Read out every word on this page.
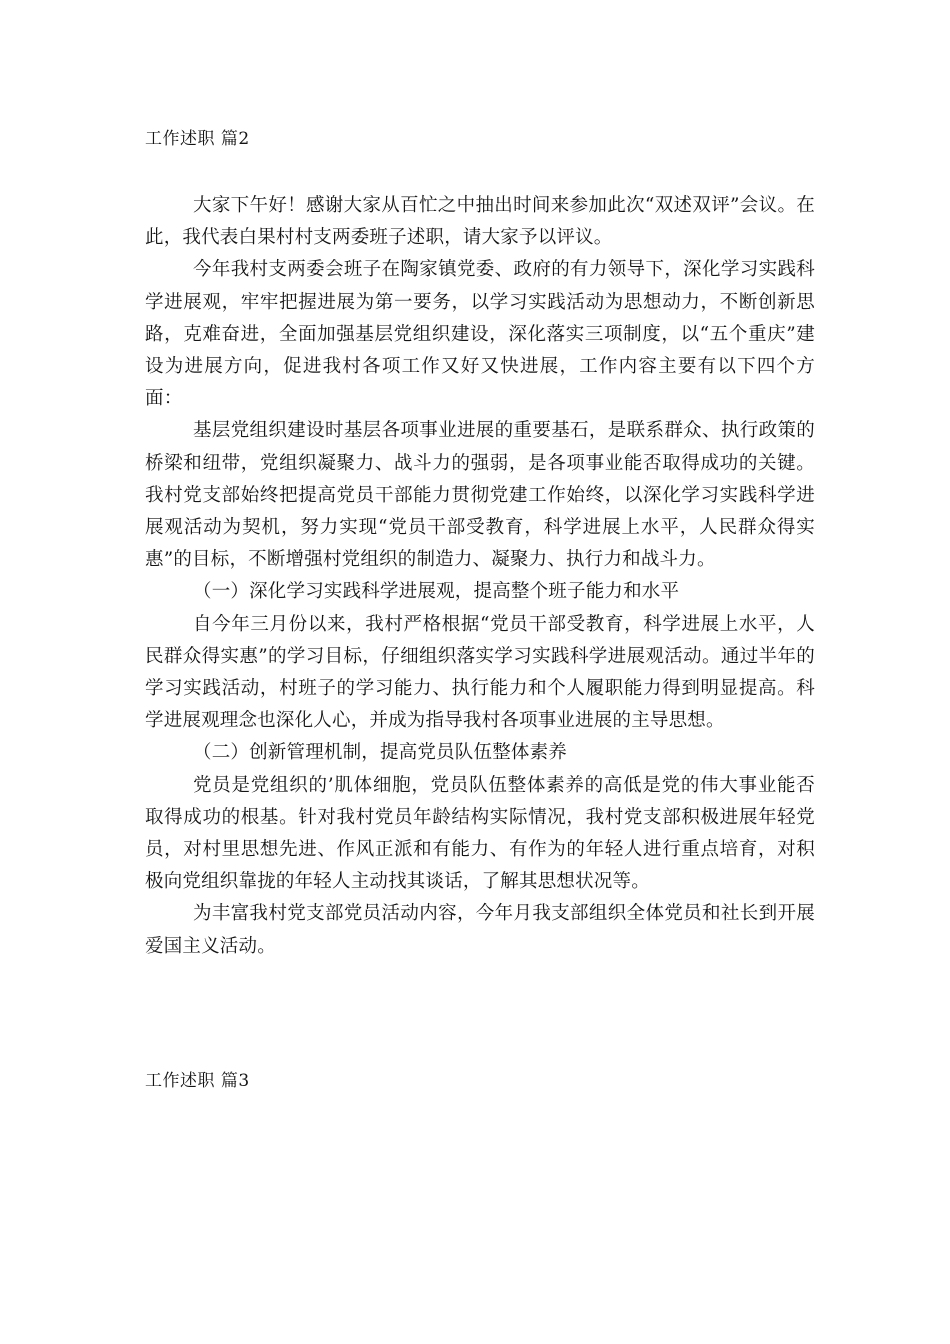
工作述职 篇2

大家下午好！感谢大家从百忙之中抽出时间来参加此次“双述双评”会议。在此，我代表白果村村支两委班子述职，请大家予以评议。

今年我村支两委会班子在陶家镇党委、政府的有力领导下，深化学习实践科学进展观，牢牢把握进展为第一要务，以学习实践活动为思想动力，不断创新思路，克难奋进，全面加强基层党组织建设，深化落实三项制度，以“五个重庆”建设为进展方向，促进我村各项工作又好又快进展，工作内容主要有以下四个方面：

基层党组织建设时基层各项事业进展的重要基石，是联系群众、执行政策的桥梁和纽带，党组织凝聚力、战斗力的强弱，是各项事业能否取得成功的关键。我村党支部始终把提高党员干部能力贯彻党建工作始终，以深化学习实践科学进展观活动为契机，努力实现“党员干部受教育，科学进展上水平，人民群众得实惠”的目标，不断增强村党组织的制造力、凝聚力、执行力和战斗力。

（一）深化学习实践科学进展观，提高整个班子能力和水平

自今年三月份以来，我村严格根据“党员干部受教育，科学进展上水平，人民群众得实惠”的学习目标，仔细组织落实学习实践科学进展观活动。通过半年的学习实践活动，村班子的学习能力、执行能力和个人履职能力得到明显提高。科学进展观理念也深化人心，并成为指导我村各项事业进展的主导思想。

（二）创新管理机制，提高党员队伍整体素养

党员是党组织的’肌体细胞，党员队伍整体素养的高低是党的伟大事业能否取得成功的根基。针对我村党员年龄结构实际情况，我村党支部积极进展年轻党员，对村里思想先进、作风正派和有能力、有作为的年轻人进行重点培育，对积极向党组织靠拢的年轻人主动找其谈话，了解其思想状况等。

为丰富我村党支部党员活动内容，今年月我支部组织全体党员和社长到开展爱国主义活动。

工作述职 篇3
